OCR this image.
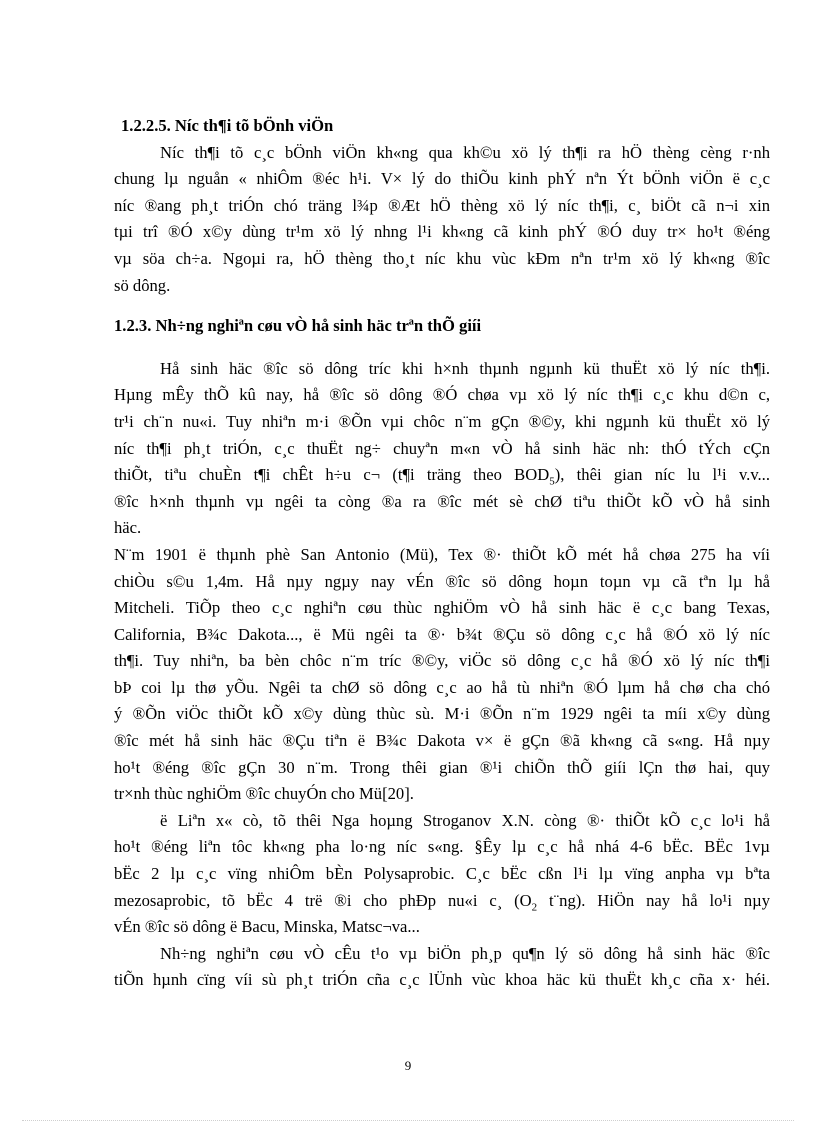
1.2.2.5. Níc th¶i tõ bÖnh viÖn

Níc th¶i tõ c¸c bÖnh viÖn kh«ng qua kh©u xö lý th¶i ra hÖ thèng cèng r·nh
chung lµ nguån « nhiÔm ®éc h¹i. V× lý do thiÕu kinh phÝ nªn Ýt bÖnh viÖn ë c¸c
níc ®ang ph¸t triÓn chó träng l¾p ®Æt hÖ thèng xö lý níc th¶i, c¸ biÖt cã n¬i xin
tµi trî ®Ó x©y dùng tr¹m xö lý nhng l¹i kh«ng cã kinh phÝ ®Ó duy tr× ho¹t ®éng
vµ söa ch÷a. Ngoµi ra, hÖ thèng tho¸t níc khu vùc kÐm nªn tr¹m xö lý kh«ng ®îc
sö dông.

1.2.3. Nh÷ng nghiªn cøu vÒ hå sinh häc trªn thÕ giíi

Hå sinh häc ®îc sö dông tríc khi h×nh thµnh ngµnh kü thuËt xö lý níc th¶i.
Hµng mÊy thÕ kû nay, hå ®îc sö dông ®Ó chøa vµ xö lý níc th¶i c¸c khu d©n c,
tr¹i ch¨n nu«i. Tuy nhiªn m·i ®Õn vµi chôc n¨m gÇn ®©y, khi ngµnh kü thuËt xö lý
níc th¶i ph¸t triÓn, c¸c thuËt ng÷ chuyªn m«n vÒ hå sinh häc nh: thÓ tÝch cÇn
thiÕt, tiªu chuÈn t¶i chÊt h÷u c¬ (t¶i träng theo $BOD_5$), thêi gian níc lu l¹i v.v...
®îc h×nh thµnh vµ ngêi ta còng ®a ra ®îc mét sè chØ tiªu thiÕt kÕ vÒ hå sinh
häc.
N¨m 1901 ë thµnh phè San Antonio (Mü), Tex ®· thiÕt kÕ mét hå chøa 275 ha víi
chiÒu s©u 1,4m. Hå nµy ngµy nay vÉn ®îc sö dông hoµn toµn vµ cã tªn lµ hå
Mitcheli. TiÕp theo c¸c nghiªn cøu thùc nghiÖm vÒ hå sinh häc ë c¸c bang Texas,
California, B¾c Dakota..., ë Mü ngêi ta ®· b¾t ®Çu sö dông c¸c hå ®Ó xö lý níc
th¶i. Tuy nhiªn, ba bèn chôc n¨m tríc ®©y, viÖc sö dông c¸c hå ®Ó xö lý níc th¶i
bÞ coi lµ thø yÕu. Ngêi ta chØ sö dông c¸c ao hå tù nhiªn ®Ó lµm hå chø cha chó
ý ®Õn viÖc thiÕt kÕ x©y dùng thùc sù. M·i ®Õn n¨m 1929 ngêi ta míi x©y dùng
®îc mét hå sinh häc ®Çu tiªn ë B¾c Dakota v× ë gÇn ®ã kh«ng cã s«ng. Hå nµy
ho¹t ®éng ®îc gÇn 30 n¨m. Trong thêi gian ®¹i chiÕn thÕ giíi lÇn thø hai, quy
tr×nh thùc nghiÖm ®îc chuyÓn cho Mü[20].
ë Liªn x« cò, tõ thêi Nga hoµng Stroganov X.N. còng ®· thiÕt kÕ c¸c lo¹i hå
ho¹t ®éng liªn tôc kh«ng pha lo·ng níc s«ng. §Êy lµ c¸c hå nhá 4-6 bËc. BËc 1vµ
bËc 2 lµ c¸c vïng nhiÔm bÈn Polysaprobic. C¸c bËc cßn l¹i lµ vïng anpha vµ bªta
mezosaprobic, tõ bËc 4 trë ®i cho phÐp nu«i c¸ ($O_2$ t¨ng). HiÖn nay hå lo¹i nµy
vÉn ®îc sö dông ë Bacu, Minska, Matsc¬va...
Nh÷ng nghiªn cøu vÒ cÊu t¹o vµ biÖn ph¸p qu¶n lý sö dông hå sinh häc ®îc
tiÕn hµnh cïng víi sù ph¸t triÓn cña c¸c lÜnh vùc khoa häc kü thuËt kh¸c cña x· héi.
9
